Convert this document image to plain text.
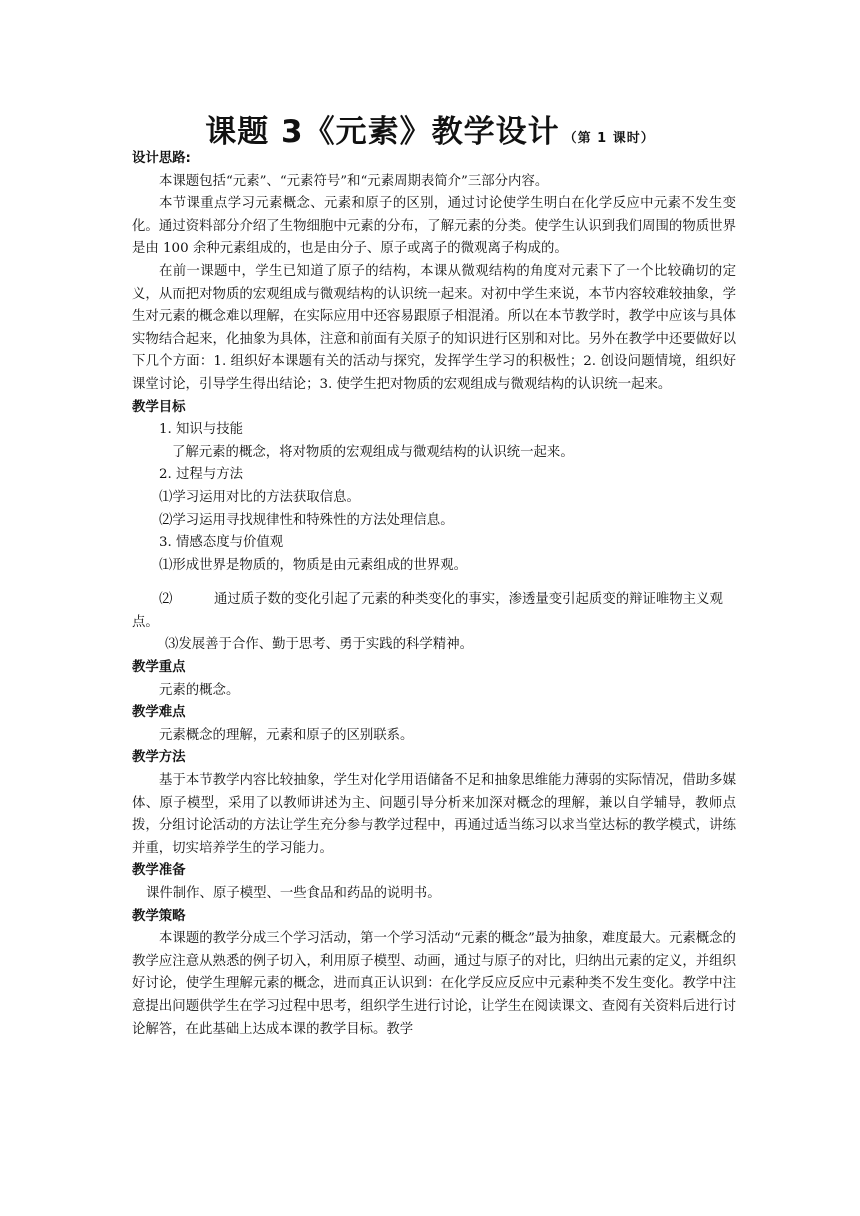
课题 3《元素》教学设计 （第 1 课时）
设计思路:
本课题包括“元素”、“元素符号”和“元素周期表简介”三部分内容。
本节课重点学习元素概念、元素和原子的区别，通过讨论使学生明白在化学反应中元素不发生变化。通过资料部分介绍了生物细胞中元素的分布，了解元素的分类。使学生认识到我们周围的物质世界是由 100 余种元素组成的，也是由分子、原子或离子的微观离子构成的。
在前一课题中，学生已知道了原子的结构，本课从微观结构的角度对元素下了一个比较确切的定义，从而把对物质的宏观组成与微观结构的认识统一起来。对初中学生来说，本节内容较难较抽象，学生对元素的概念难以理解，在实际应用中还容易跟原子相混淆。所以在本节教学时，教学中应该与具体实物结合起来，化抽象为具体，注意和前面有关原子的知识进行区别和对比。另外在教学中还要做好以下几个方面：1. 组织好本课题有关的活动与探究，发挥学生学习的积极性；2. 创设问题情境，组织好课堂讨论，引导学生得出结论；3. 使学生把对物质的宏观组成与微观结构的认识统一起来。
教学目标
1. 知识与技能
了解元素的概念，将对物质的宏观组成与微观结构的认识统一起来。
2. 过程与方法
⑴学习运用对比的方法获取信息。
⑵学习运用寻找规律性和特殊性的方法处理信息。
3. 情感态度与价值观
⑴形成世界是物质的，物质是由元素组成的世界观。
⑵	通过质子数的变化引起了元素的种类变化的事实，渗透量变引起质变的辩证唯物主义观点。
⑶发展善于合作、勤于思考、勇于实践的科学精神。
教学重点
元素的概念。
教学难点
元素概念的理解，元素和原子的区别联系。
教学方法
基于本节教学内容比较抽象，学生对化学用语储备不足和抽象思维能力薄弱的实际情况，借助多媒体、原子模型，采用了以教师讲述为主、问题引导分析来加深对概念的理解，兼以自学辅导，教师点拨，分组讨论活动的方法让学生充分参与教学过程中，再通过适当练习以求当堂达标的教学模式，讲练并重，切实培养学生的学习能力。
教学准备
课件制作、原子模型、一些食品和药品的说明书。
教学策略
本课题的教学分成三个学习活动，第一个学习活动“元素的概念”最为抽象，难度最大。元素概念的教学应注意从熟悉的例子切入，利用原子模型、动画，通过与原子的对比，归纳出元素的定义，并组织好讨论，使学生理解元素的概念，进而真正认识到：在化学反应反应中元素种类不发生变化。教学中注意提出问题供学生在学习过程中思考，组织学生进行讨论，让学生在阅读课文、查阅有关资料后进行讨论解答，在此基础上达成本课的教学目标。教学
